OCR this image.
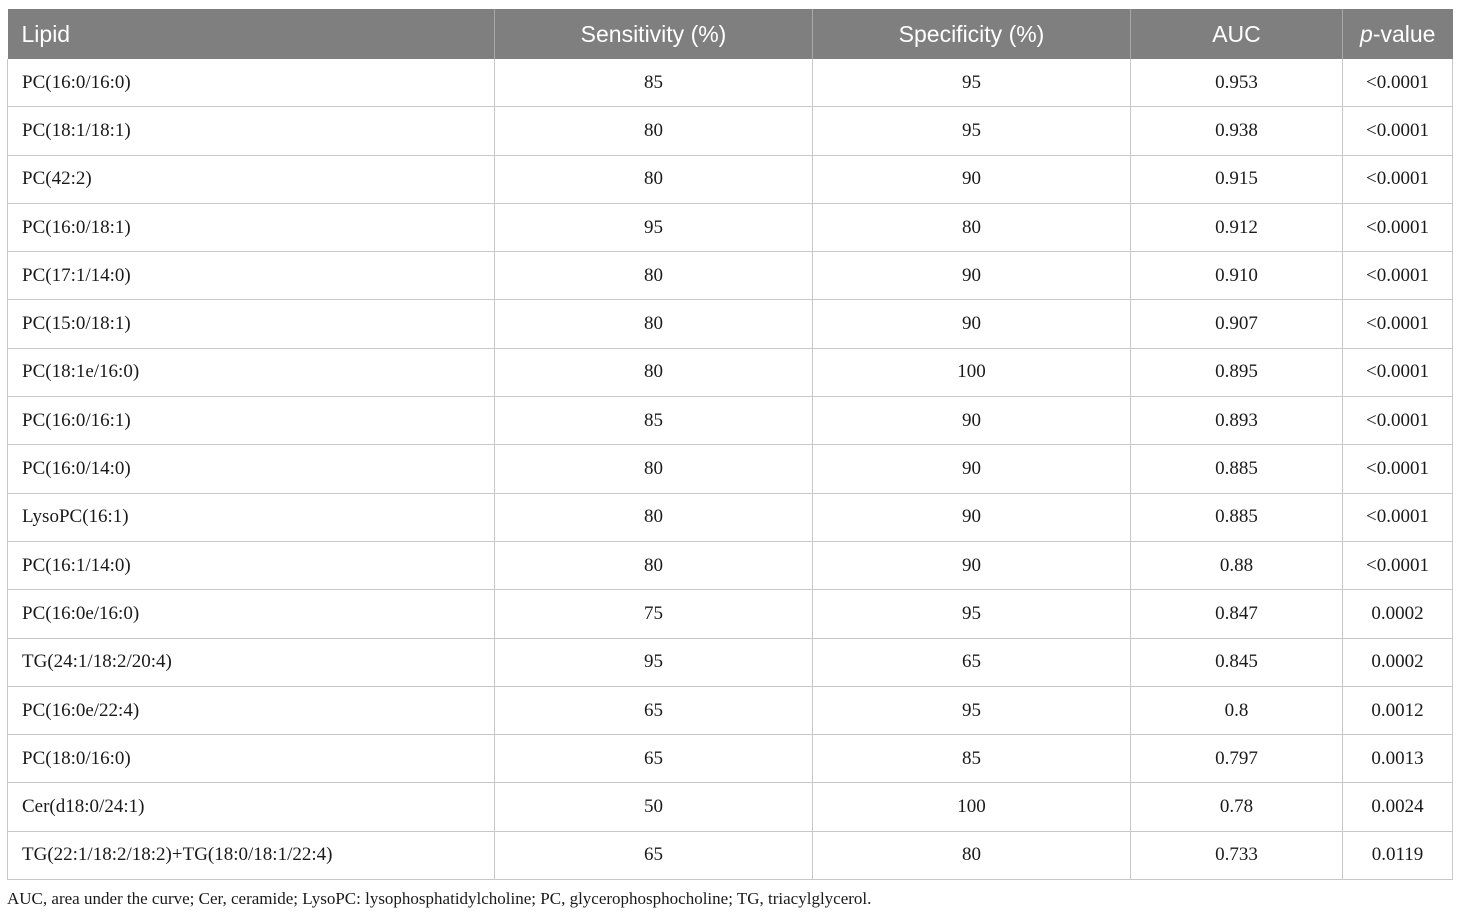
Lipid	Sensitivity (%)	Specificity (%)	AUC	p-value
PC(16:0/16:0)	85	95	0.953	<0.0001
PC(18:1/18:1)	80	95	0.938	<0.0001
PC(42:2)	80	90	0.915	<0.0001
PC(16:0/18:1)	95	80	0.912	<0.0001
PC(17:1/14:0)	80	90	0.910	<0.0001
PC(15:0/18:1)	80	90	0.907	<0.0001
PC(18:1e/16:0)	80	100	0.895	<0.0001
PC(16:0/16:1)	85	90	0.893	<0.0001
PC(16:0/14:0)	80	90	0.885	<0.0001
LysoPC(16:1)	80	90	0.885	<0.0001
PC(16:1/14:0)	80	90	0.88	<0.0001
PC(16:0e/16:0)	75	95	0.847	0.0002
TG(24:1/18:2/20:4)	95	65	0.845	0.0002
PC(16:0e/22:4)	65	95	0.8	0.0012
PC(18:0/16:0)	65	85	0.797	0.0013
Cer(d18:0/24:1)	50	100	0.78	0.0024
TG(22:1/18:2/18:2)+TG(18:0/18:1/22:4)	65	80	0.733	0.0119
AUC, area under the curve; Cer, ceramide; LysoPC: lysophosphatidylcholine; PC, glycerophosphocholine; TG, triacylglycerol.
